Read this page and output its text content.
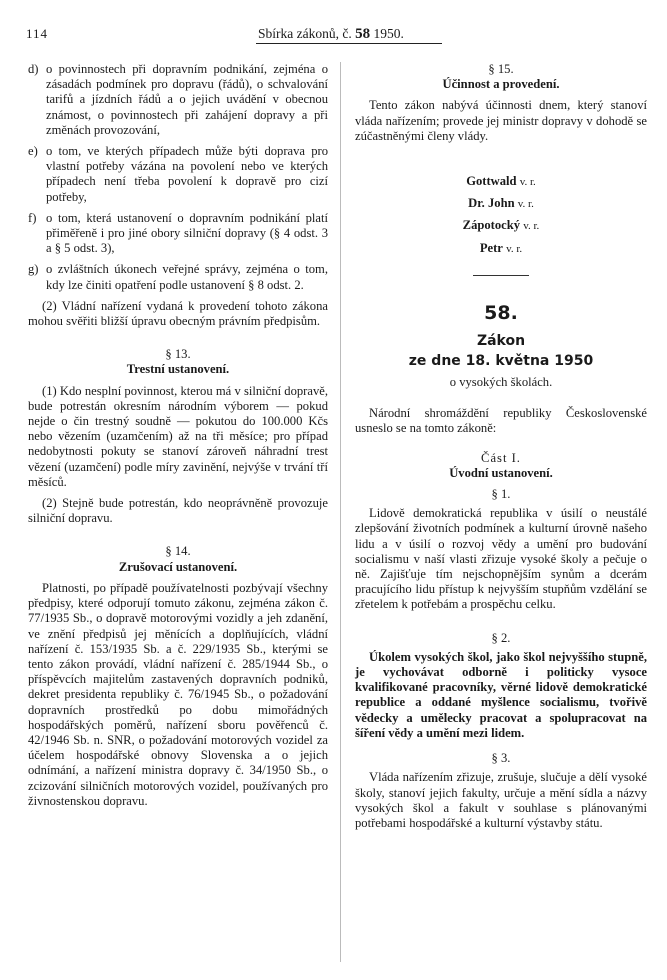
114	Sbírka zákonů, č. 58 1950.
d) o povinnostech při dopravním podnikání, zejména o zásadách podmínek pro dopravu (řádů), o schvalování tarifů a jízdních řádů a o jejich uvádění v obecnou známost, o povinnostech při zahájení dopravy a při změnách provozování,
e) o tom, ve kterých případech může býti doprava pro vlastní potřeby vázána na povolení nebo ve kterých případech není třeba povolení k dopravě pro cizí potřeby,
f) o tom, která ustanovení o dopravním podnikání platí přiměřeně i pro jiné obory silniční dopravy (§ 4 odst. 3 a § 5 odst. 3),
g) o zvláštních úkonech veřejné správy, zejména o tom, kdy lze činiti opatření podle ustanovení § 8 odst. 2.

(2) Vládní nařízení vydaná k provedení tohoto zákona mohou svěřiti bližší úpravu obecným právním předpisům.

§ 13.
Trestní ustanovení.

(1) Kdo nesplní povinnost, kterou má v silniční dopravě, bude potrestán okresním národním výborem — pokud nejde o čin trestný soudně — pokutou do 100.000 Kčs nebo vězením (uzamčením) až na tři měsíce; pro případ nedobytnosti pokuty se stanoví zároveň náhradní trest vězení (uzamčení) podle míry zavinění, nejvýše v trvání tří měsíců.

(2) Stejně bude potrestán, kdo neoprávněně provozuje silniční dopravu.

§ 14.
Zrušovací ustanovení.

Platnosti, po případě používatelnosti pozbývají všechny předpisy, které odporují tomuto zákonu, zejména zákon č. 77/1935 Sb., o dopravě motorovými vozidly a jeh zdanění, ve znění předpisů jej měnících a doplňujících, vládní nařízení č. 153/1935 Sb. a č. 229/1935 Sb., kterými se tento zákon provádí, vládní nařízení č. 285/1944 Sb., o příspěvcích majitelům zastavených dopravních podniků, dekret presidenta republiky č. 76/1945 Sb., o požadování dopravních prostředků po dobu mimořádných hospodářských poměrů, nařízení sboru pověřenců č. 42/1946 Sb. n. SNR, o požadování motorových vozidel za účelem hospodářské obnovy Slovenska a o jejich odnímání, a nařízení ministra dopravy č. 34/1950 Sb., o zcizování silničních motorových vozidel, používaných pro živnostenskou dopravu.

§ 15.
Účinnost a provedení.

Tento zákon nabývá účinnosti dnem, který stanoví vláda nařízením; provede jej ministr dopravy v dohodě se zúčastněnými členy vlády.

Gottwald v. r.
Dr. John v. r.
Zápotocký v. r.
Petr v. r.
58.
Zákon
ze dne 18. května 1950
o vysokých školách.

Národní shromáždění republiky Československé usneslo se na tomto zákoně:

Část I.
Úvodní ustanovení.
§ 1.

Lidově demokratická republika v úsilí o neustálé zlepšování životních podmínek a kulturní úrovně našeho lidu a v úsilí o rozvoj vědy a umění pro budování socialismu v naší vlasti zřizuje vysoké školy a pečuje o ně. Zajišťuje tím nejschopnějším synům a dcerám pracujícího lidu přístup k nejvyšším stupňům vzdělání se zřetelem k potřebám a prospěchu celku.

§ 2.

Úkolem vysokých škol, jako škol nejvyššího stupně, je vychovávat odborně i politicky vysoce kvalifikované pracovníky, věrné lidově demokratické republice a oddané myšlence socialismu, tvořivě vědecky a umělecky pracovat a spolupracovat na šíření vědy a umění mezi lidem.

§ 3.

Vláda nařízením zřizuje, zrušuje, slučuje a dělí vysoké školy, stanoví jejich fakulty, určuje a mění sídla a názvy vysokých škol a fakult v souhlase s plánovanými potřebami hospodářské a kulturní výstavby státu.
